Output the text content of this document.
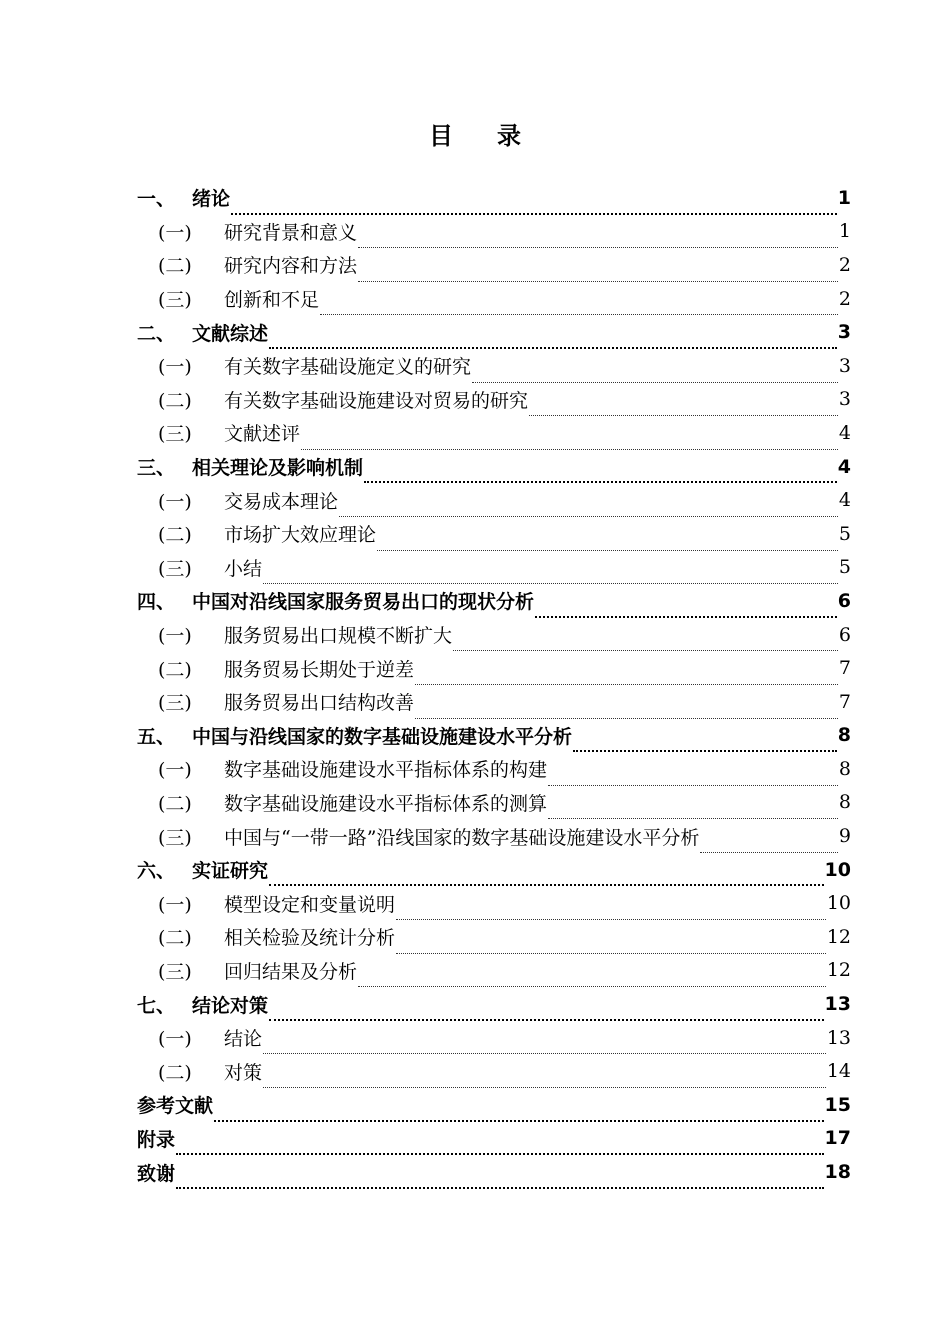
目 录
一、 绪论	1
(一)	研究背景和意义	1
(二)	研究内容和方法	2
(三)	创新和不足	2
二、 文献综述	3
(一)	有关数字基础设施定义的研究	3
(二)	有关数字基础设施建设对贸易的研究	3
(三)	文献述评	4
三、 相关理论及影响机制	4
(一)	交易成本理论	4
(二)	市场扩大效应理论	5
(三)	小结	5
四、 中国对沿线国家服务贸易出口的现状分析	6
(一)	服务贸易出口规模不断扩大	6
(二)	服务贸易长期处于逆差	7
(三)	服务贸易出口结构改善	7
五、 中国与沿线国家的数字基础设施建设水平分析	8
(一)	数字基础设施建设水平指标体系的构建	8
(二)	数字基础设施建设水平指标体系的测算	8
(三)	中国与“一带一路”沿线国家的数字基础设施建设水平分析	9
六、 实证研究	10
(一)	模型设定和变量说明	10
(二)	相关检验及统计分析	12
(三)	回归结果及分析	12
七、 结论对策	13
(一)	结论	13
(二)	对策	14
参考文献	15
附录	17
致谢	18
